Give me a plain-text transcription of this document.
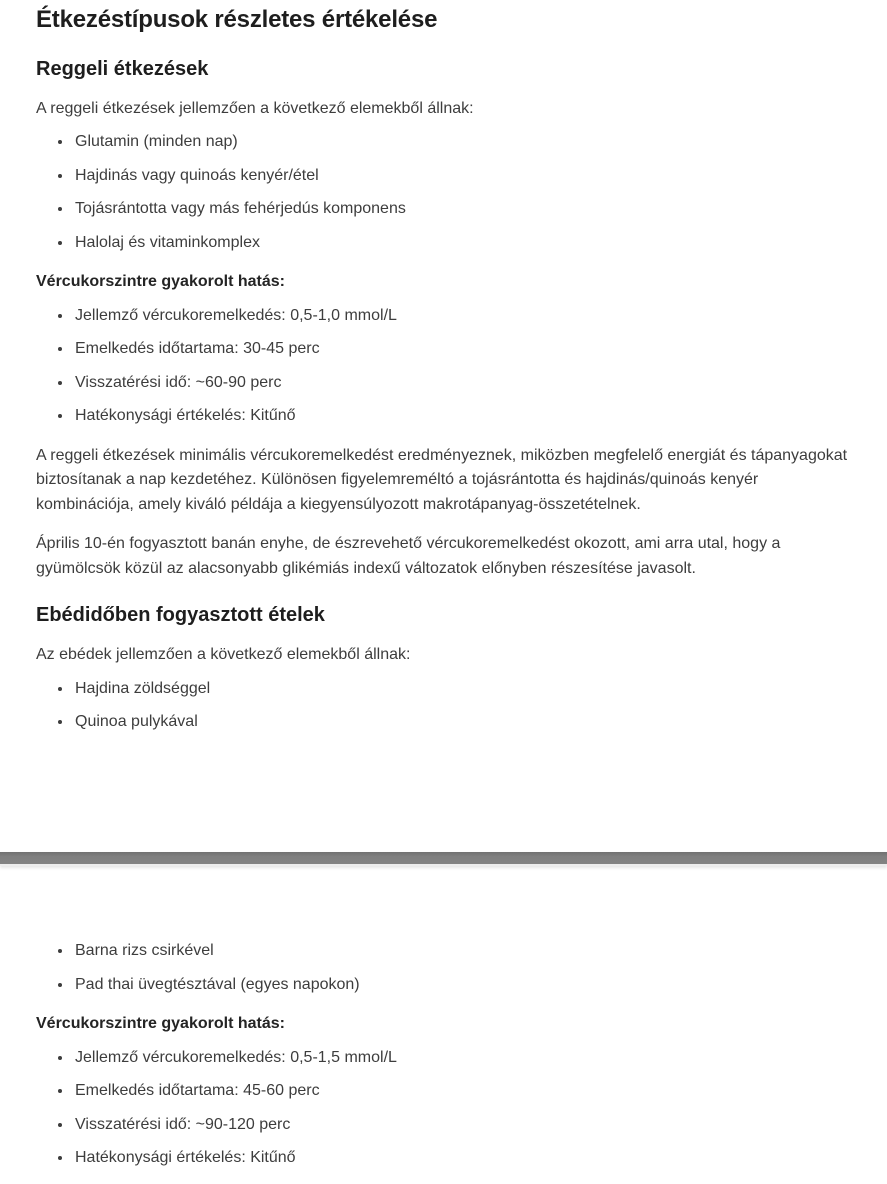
Étkezéstípusok részletes értékelése
Reggeli étkezések

A reggeli étkezések jellemzően a következő elemekből állnak:

• Glutamin (minden nap)
• Hajdinás vagy quinoás kenyér/étel
• Tojásrántotta vagy más fehérjedús komponens
• Halolaj és vitaminkomplex

Vércukorszintre gyakorolt hatás:

• Jellemző vércukoremelkedés: 0,5-1,0 mmol/L
• Emelkedés időtartama: 30-45 perc
• Visszatérési idő: ~60-90 perc
• Hatékonysági értékelés: Kitűnő

A reggeli étkezések minimális vércukoremelkedést eredményeznek, miközben megfelelő energiát és tápanyagokat biztosítanak a nap kezdetéhez. Különösen figyelemreméltó a tojásrántotta és hajdinás/quinoás kenyér kombinációja, amely kiváló példája a kiegyensúlyozott makrotápanyag-összetételnek.

Április 10-én fogyasztott banán enyhe, de észrevehető vércukoremelkedést okozott, ami arra utal, hogy a gyümölcsök közül az alacsonyabb glikémiás indexű változatok előnyben részesítése javasolt.

Ebédidőben fogyasztott ételek

Az ebédek jellemzően a következő elemekből állnak:

• Hajdina zöldséggel
• Quinoa pulykával
• Barna rizs csirkével
• Pad thai üvegtésztával (egyes napokon)

Vércukorszintre gyakorolt hatás:

• Jellemző vércukoremelkedés: 0,5-1,5 mmol/L
• Emelkedés időtartama: 45-60 perc
• Visszatérési idő: ~90-120 perc
• Hatékonysági értékelés: Kitűnő
